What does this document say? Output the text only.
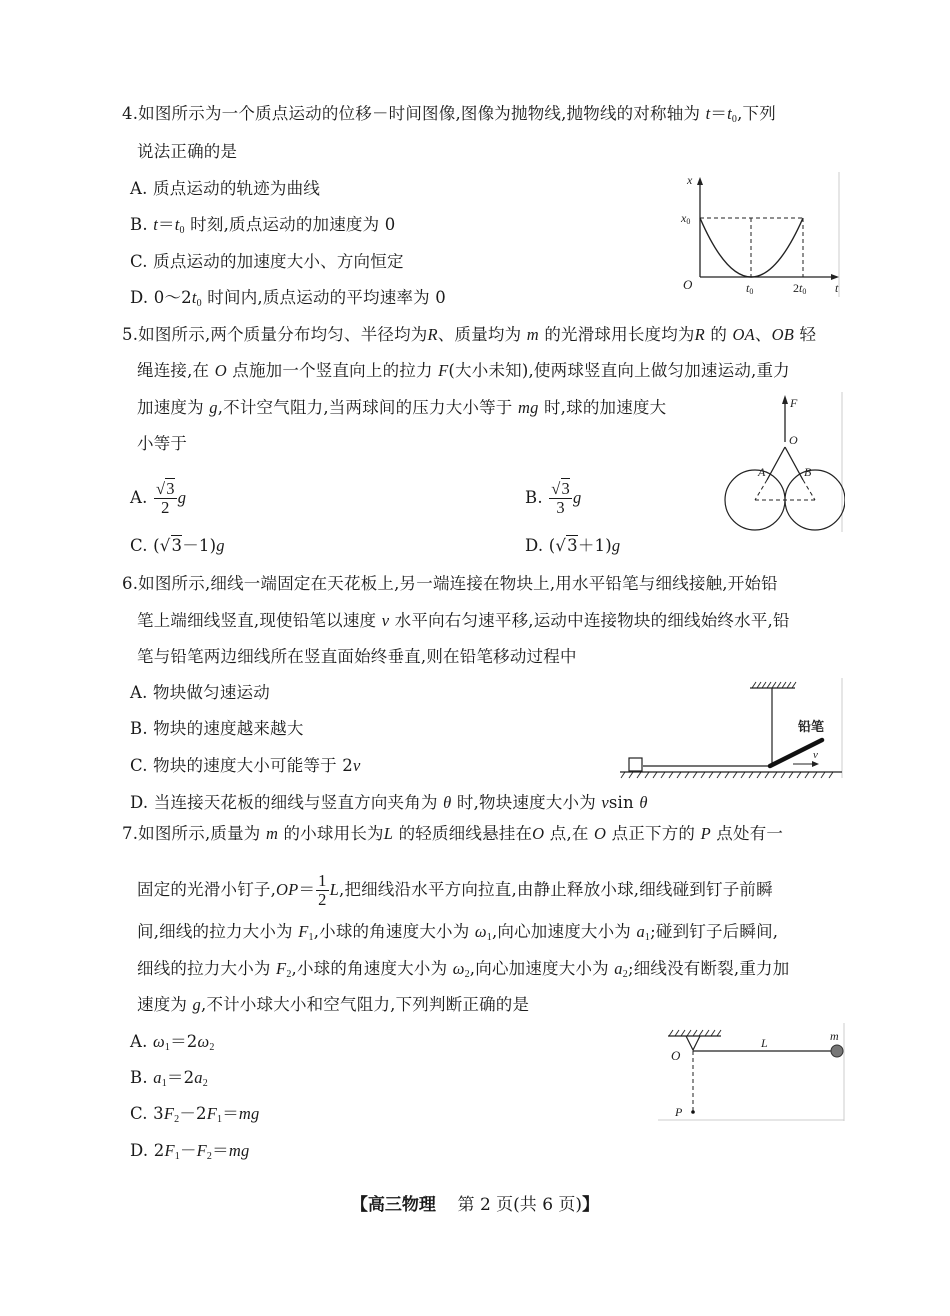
4.如图所示为一个质点运动的位移－时间图像,图像为抛物线,抛物线的对称轴为 $t=t_0$,下列
说法正确的是
A. 质点运动的轨迹为曲线
B. $t=t_0$ 时刻,质点运动的加速度为 0
C. 质点运动的加速度大小、方向恒定
D. $0\sim 2t_0$ 时间内,质点运动的平均速率为 0
x
x0
O	t0	2t0 t
5.如图所示,两个质量分布均匀、半径均为R、质量均为 m 的光滑球用长度均为R 的 OA、OB 轻
绳连接,在 O 点施加一个竖直向上的拉力 F(大小未知),使两球竖直向上做匀加速运动,重力
加速度为 g,不计空气阻力,当两球间的压力大小等于 mg 时,球的加速度大
小等于
A. $\frac{√3}{2}$ g	B. $\frac{√3}{3}$ g
C. (√3－1)g	D. (√3＋1)g
F
O
A	B
6.如图所示,细线一端固定在天花板上,另一端连接在物块上,用水平铅笔与细线接触,开始铅
笔上端细线竖直,现使铅笔以速度 v 水平向右匀速平移,运动中连接物块的细线始终水平,铅
笔与铅笔两边细线所在竖直面始终垂直,则在铅笔移动过程中
A. 物块做匀速运动
B. 物块的速度越来越大
C. 物块的速度大小可能等于 2v
D. 当连接天花板的细线与竖直方向夹角为 θ 时,物块速度大小为 vsin θ
铅笔
v
7.如图所示,质量为 m 的小球用长为L 的轻质细线悬挂在O 点,在 O 点正下方的 P 点处有一
固定的光滑小钉子$,OP= \frac{1}{2} L$,把细线沿水平方向拉直,由静止释放小球,细线碰到钉子前瞬
间,细线的拉力大小为 $F_1$,小球的角速度大小为 $\omega_1$,向心加速度大小为 $a_1$;碰到钉子后瞬间,
细线的拉力大小为 $F_2$,小球的角速度大小为 $\omega_2$,向心加速度大小为 $a_2$;细线没有断裂,重力加
速度为 g,不计小球大小和空气阻力,下列判断正确的是
A. $\omega_1=2\omega_2$
B. $a_1=2a_2$
C. $3F_2-2F_1=mg$
D. $2F_1-F_2=mg$
O
L	m
P
【高三物理 第 2 页(共 6 页)】
